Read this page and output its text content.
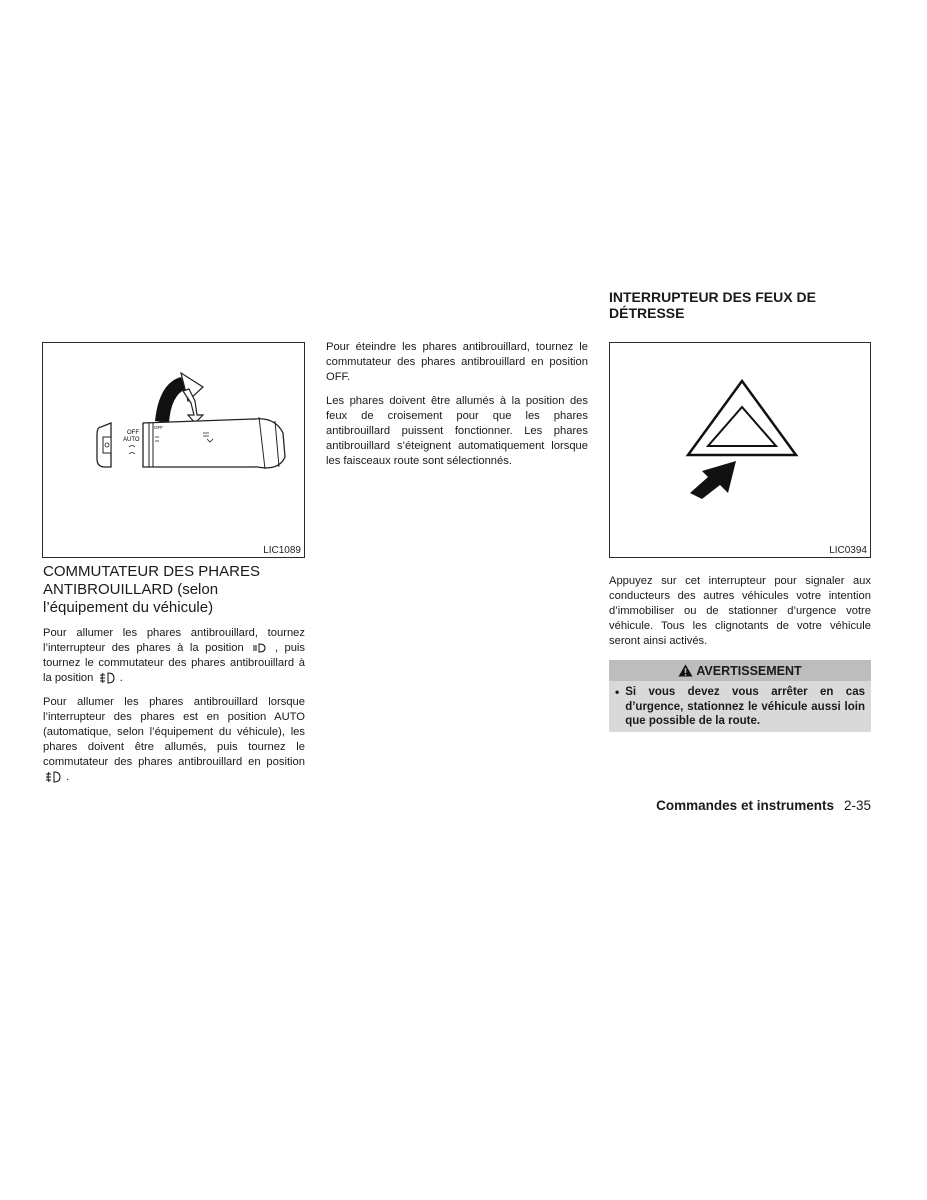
OFF
AUTO
OFF
LIC1089
COMMUTATEUR DES PHARES ANTIBROUILLARD (selon l’équipement du véhicule)

Pour allumer les phares antibrouillard, tournez l’interrupteur des phares à la position	, puis tournez le commutateur des phares antibrouillard à la position .

Pour allumer les phares antibrouillard lorsque l’interrupteur des phares est en position AUTO (automatique, selon l’équipement du véhicule), les phares doivent être allumés, puis tournez le commutateur des phares antibrouillard en position  .

Pour éteindre les phares antibrouillard, tournez le commutateur des phares antibrouillard en position OFF.

Les phares doivent être allumés à la position des feux de croisement pour que les phares antibrouillard puissent fonctionner. Les phares antibrouillard s’éteignent automatiquement lorsque les faisceaux route sont sélectionnés.

INTERRUPTEUR DES FEUX DE DÉTRESSE
LIC0394

Appuyez sur cet interrupteur pour signaler aux conducteurs des autres véhicules votre intention d’immobiliser ou de stationner d’urgence votre véhicule. Tous les clignotants de votre véhicule seront ainsi activés.

AVERTISSEMENT
• Si vous devez vous arrêter en cas d’urgence, stationnez le véhicule aussi loin que possible de la route.
Commandes et instruments 2-35
